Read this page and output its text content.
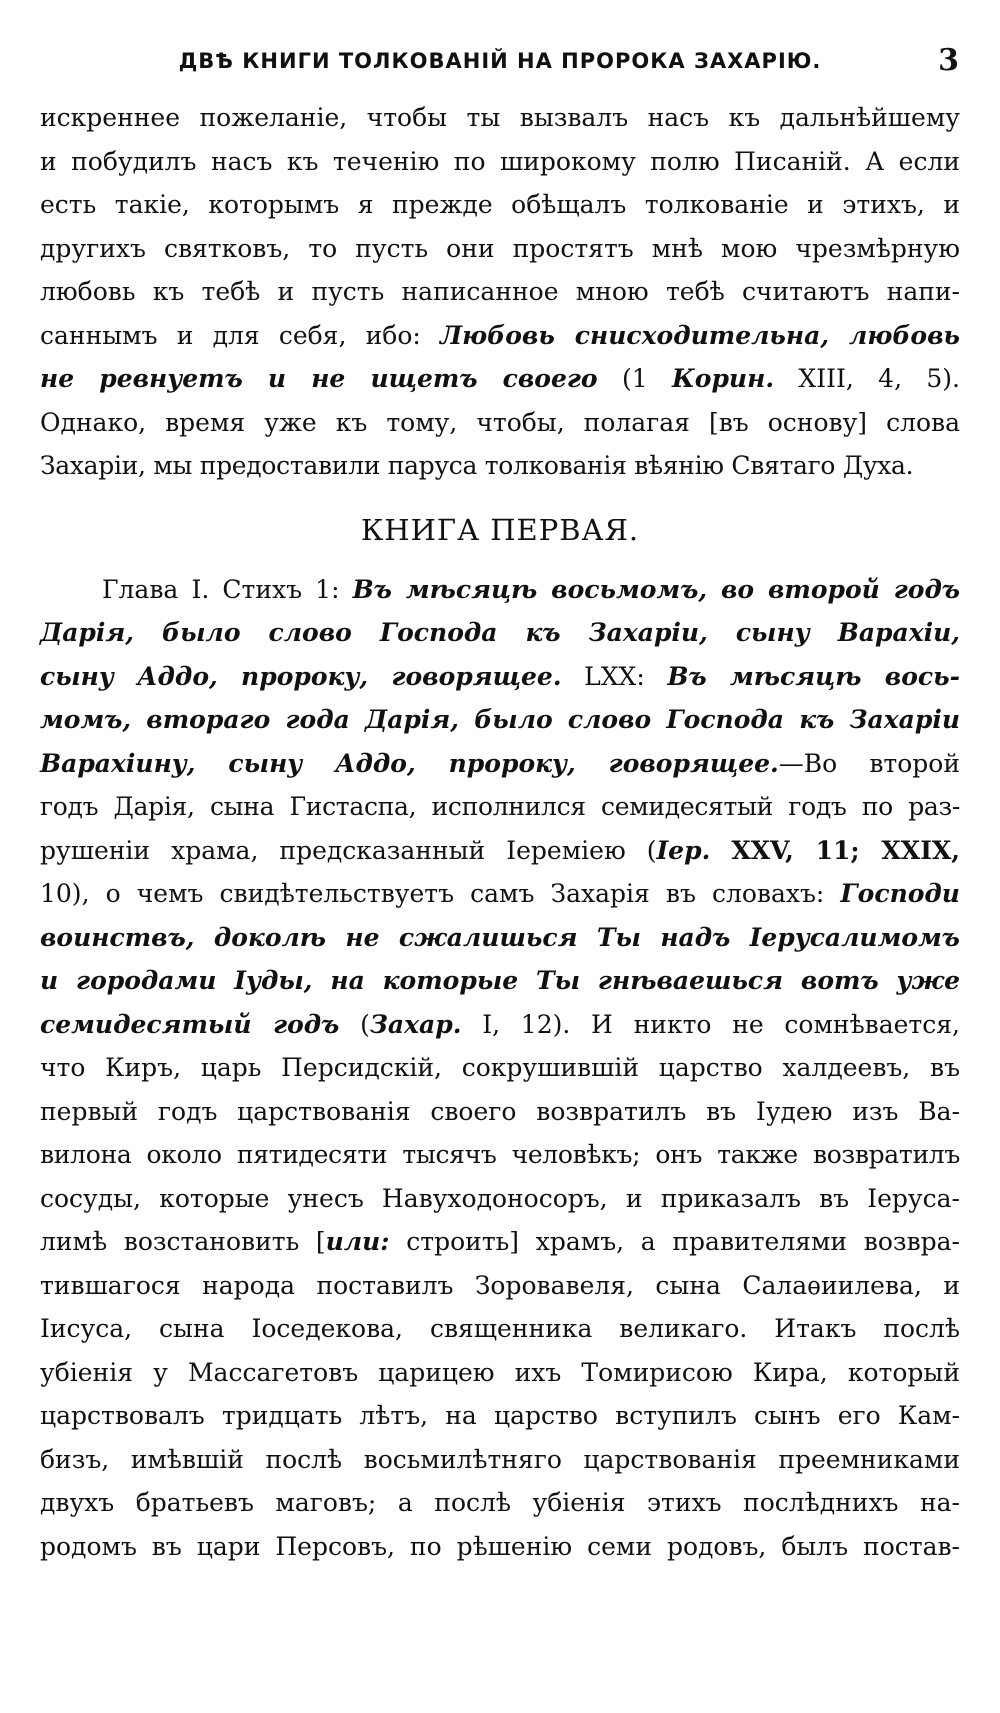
ДВѢ КНИГИ ТОЛКОВАНІЙ НА ПРОРОКА ЗАХАРІЮ.	3

искреннее пожеланіе, чтобы ты вызвалъ насъ къ дальнѣйшему

и побудилъ насъ къ теченію по широкому полю Писаній. А если

есть такіе, которымъ я прежде обѣщалъ толкованіе и этихъ, и

другихъ святковъ, то пусть они простятъ мнѣ мою чрезмѣрную

любовь къ тебѣ и пусть написанное мною тебѣ считаютъ напи-

саннымъ и для себя, ибо: Любовь снисходительна, любовь

не ревнуетъ и не ищетъ своего (1 Корин. XIII, 4, 5).

Однако, время уже къ тому, чтобы, полагая [въ основу] слова

Захаріи, мы предоставили паруса толкованія вѣянію Святаго Духа.

КНИГА ПЕРВАЯ.

Глава I. Стихъ 1: Въ мѣсяцѣ восьмомъ, во второй годъ

Дарія, было слово Господа къ Захаріи, сыну Варахіи,

сыну Аддо, пророку, говорящее. LXX: Въ мѣсяцѣ вось-

момъ, втораго года Дарія, было слово Господа къ Захаріи

Варахіину, сыну Аддо, пророку, говорящее.—Во второй

годъ Дарія, сына Гистаспа, исполнился семидесятый годъ по раз-

рушеніи храма, предсказанный Іереміею (Іер. XXV, 11; XXIX,

10), о чемъ свидѣтельствуетъ самъ Захарія въ словахъ: Господи

воинствъ, доколѣ не сжалишься Ты надъ Іерусалимомъ

и городами Іуды, на которые Ты гнѣваешься вотъ уже

семидесятый годъ (Захар. I, 12). И никто не сомнѣвается,

что Киръ, царь Персидскій, сокрушившій царство халдеевъ, въ

первый годъ царствованія своего возвратилъ въ Іудею изъ Ва-

вилона около пятидесяти тысячъ человѣкъ; онъ также возвратилъ

сосуды, которые унесъ Навуходоносоръ, и приказалъ въ Іеруса-

лимѣ возстановить [или: строить] храмъ, а правителями возвра-

тившагося народа поставилъ Зоровавеля, сына Салаѳиилева, и

Іисуса, сына Іоседекова, священника великаго. Итакъ послѣ

убіенія у Массагетовъ царицею ихъ Томирисою Кира, который

царствовалъ тридцать лѣтъ, на царство вступилъ сынъ его Кам-

бизъ, имѣвшій послѣ восьмилѣтняго царствованія преемниками

двухъ братьевъ маговъ; а послѣ убіенія этихъ послѣднихъ на-

родомъ въ цари Персовъ, по рѣшенію семи родовъ, былъ постав-
